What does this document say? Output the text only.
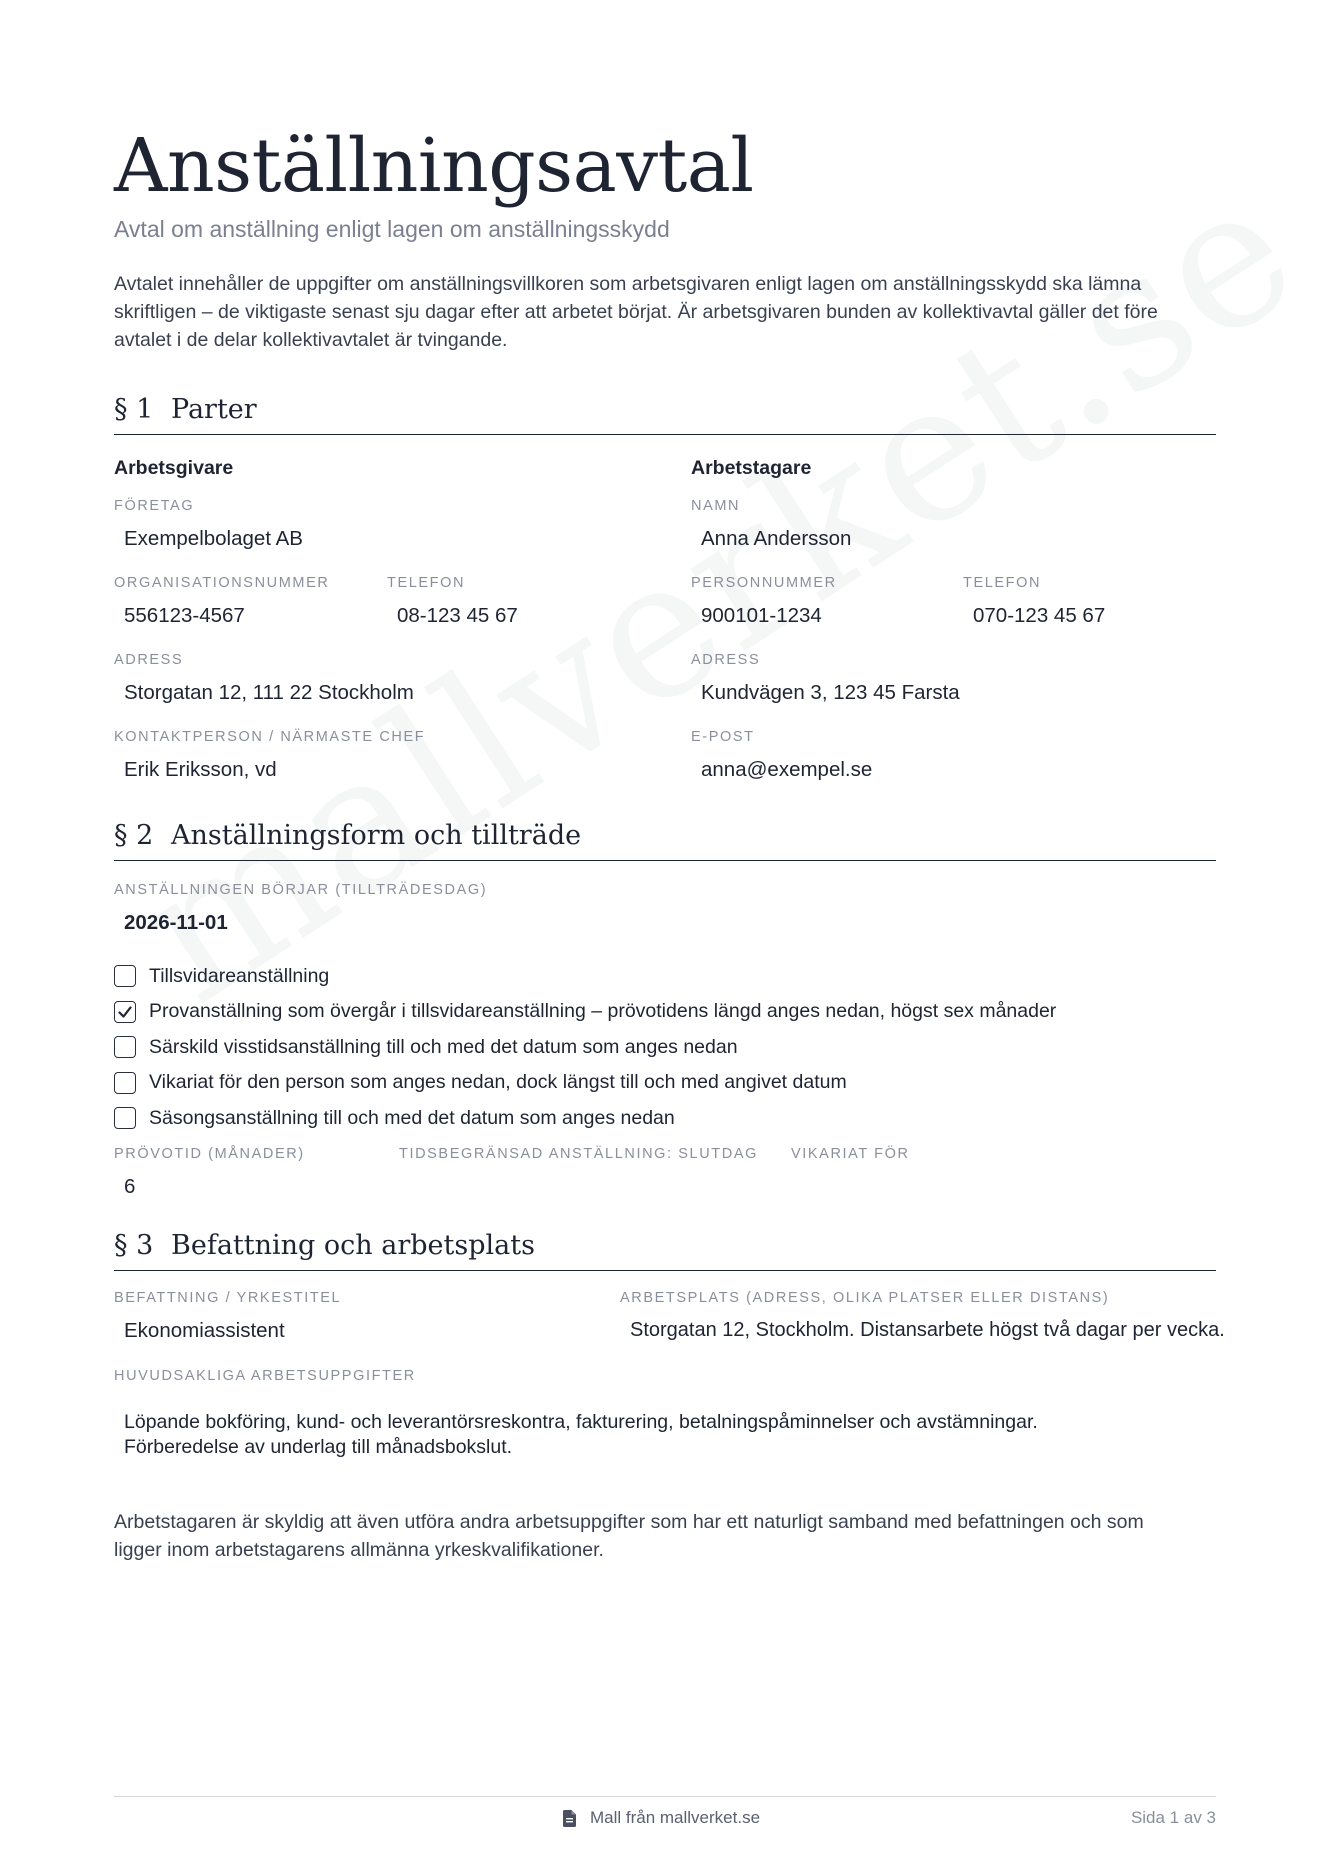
Anställningsavtal
Avtal om anställning enligt lagen om anställningsskydd
Avtalet innehåller de uppgifter om anställningsvillkoren som arbetsgivaren enligt lagen om anställningsskydd ska lämna skriftligen – de viktigaste senast sju dagar efter att arbetet börjat. Är arbetsgivaren bunden av kollektivavtal gäller det före avtalet i de delar kollektivavtalet är tvingande.
§ 1 Parter
Arbetsgivare
FÖRETAG
Exempelbolaget AB
ORGANISATIONSNUMMER
556123-4567
TELEFON
08-123 45 67
ADRESS
Storgatan 12, 111 22 Stockholm
KONTAKTPERSON / NÄRMASTE CHEF
Erik Eriksson, vd
Arbetstagare
NAMN
Anna Andersson
PERSONNUMMER
900101-1234
TELEFON
070-123 45 67
ADRESS
Kundvägen 3, 123 45 Farsta
E-POST
anna@exempel.se
§ 2 Anställningsform och tillträde
ANSTÄLLNINGEN BÖRJAR (TILLTRÄDESDAG)
2026-11-01
Tillsvidareanställning
Provanställning som övergår i tillsvidareanställning – prövotidens längd anges nedan, högst sex månader
Särskild visstidsanställning till och med det datum som anges nedan
Vikariat för den person som anges nedan, dock längst till och med angivet datum
Säsongsanställning till och med det datum som anges nedan
PRÖVOTID (MÅNADER)
6
TIDSBEGRÄNSAD ANSTÄLLNING: SLUTDAG VIKARIAT FÖR
§ 3 Befattning och arbetsplats
BEFATTNING / YRKESTITEL
Ekonomiassistent
ARBETSPLATS (ADRESS, OLIKA PLATSER ELLER DISTANS)
Storgatan 12, Stockholm. Distansarbete högst två dagar per vecka.
HUVUDSAKLIGA ARBETSUPPGIFTER
Löpande bokföring, kund- och leverantörsreskontra, fakturering, betalningspåminnelser och avstämningar.
Förberedelse av underlag till månadsbokslut.
Arbetstagaren är skyldig att även utföra andra arbetsuppgifter som har ett naturligt samband med befattningen och som ligger inom arbetstagarens allmänna yrkeskvalifikationer.
Mall från mallverket.se	Sida 1 av 3
